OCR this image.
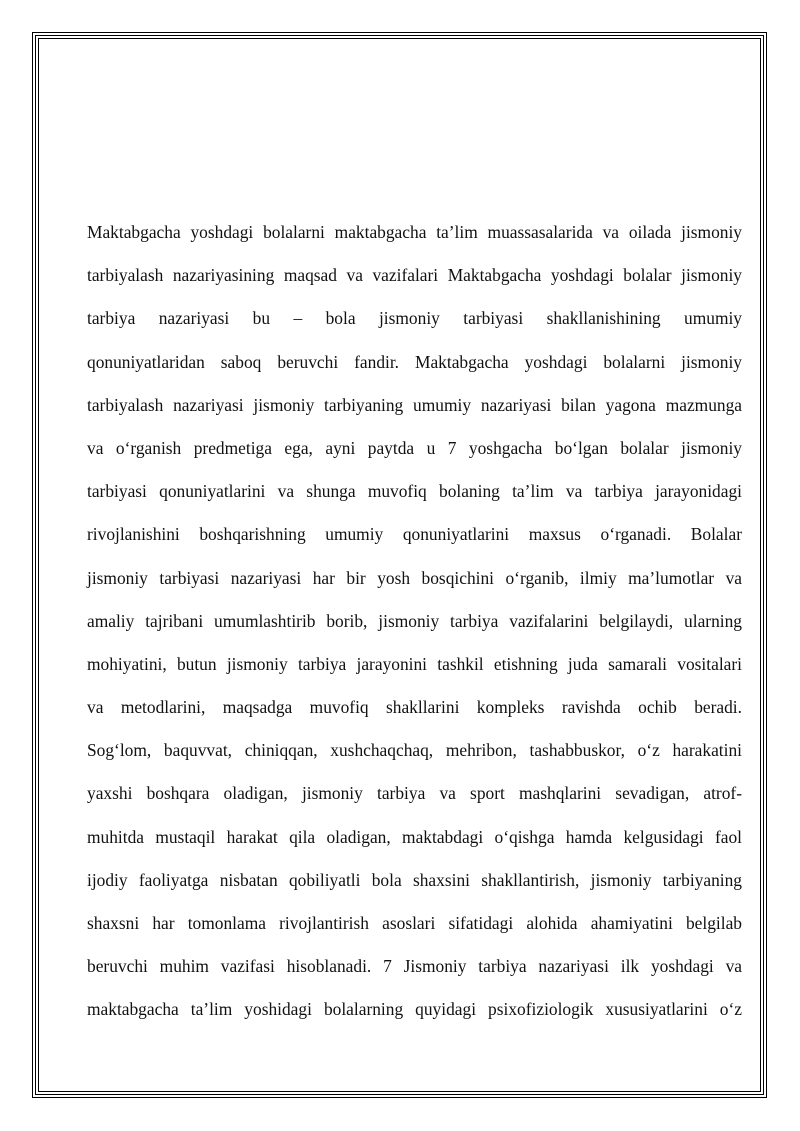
Maktabgacha yoshdagi bolalarni maktabgacha ta’lim muassasalarida va oilada jismoniy
tarbiyalash nazariyasining maqsad va vazifalari Maktabgacha yoshdagi bolalar jismoniy
tarbiya nazariyasi bu – bola jismoniy tarbiyasi shakllanishining umumiy
qonuniyatlaridan saboq beruvchi fandir. Maktabgacha yoshdagi bolalarni jismoniy
tarbiyalash nazariyasi jismoniy tarbiyaning umumiy nazariyasi bilan yagona mazmunga
va o‘rganish predmetiga ega, ayni paytda u 7 yoshgacha bo‘lgan bolalar jismoniy
tarbiyasi qonuniyatlarini va shunga muvofiq bolaning ta’lim va tarbiya jarayonidagi
rivojlanishini boshqarishning umumiy qonuniyatlarini maxsus o‘rganadi. Bolalar
jismoniy tarbiyasi nazariyasi har bir yosh bosqichini o‘rganib, ilmiy ma’lumotlar va
amaliy tajribani umumlashtirib borib, jismoniy tarbiya vazifalarini belgilaydi, ularning
mohiyatini, butun jismoniy tarbiya jarayonini tashkil etishning juda samarali vositalari
va metodlarini, maqsadga muvofiq shakllarini kompleks ravishda ochib beradi.
Sog‘lom, baquvvat, chiniqqan, xushchaqchaq, mehribon, tashabbuskor, o‘z harakatini
yaxshi boshqara oladigan, jismoniy tarbiya va sport mashqlarini sevadigan, atrof-
muhitda mustaqil harakat qila oladigan, maktabdagi o‘qishga hamda kelgusidagi faol
ijodiy faoliyatga nisbatan qobiliyatli bola shaxsini shakllantirish, jismoniy tarbiyaning
shaxsni har tomonlama rivojlantirish asoslari sifatidagi alohida ahamiyatini belgilab
beruvchi muhim vazifasi hisoblanadi. 7 Jismoniy tarbiya nazariyasi ilk yoshdagi va
maktabgacha ta’lim yoshidagi bolalarning quyidagi psixofiziologik xususiyatlarini o‘z
